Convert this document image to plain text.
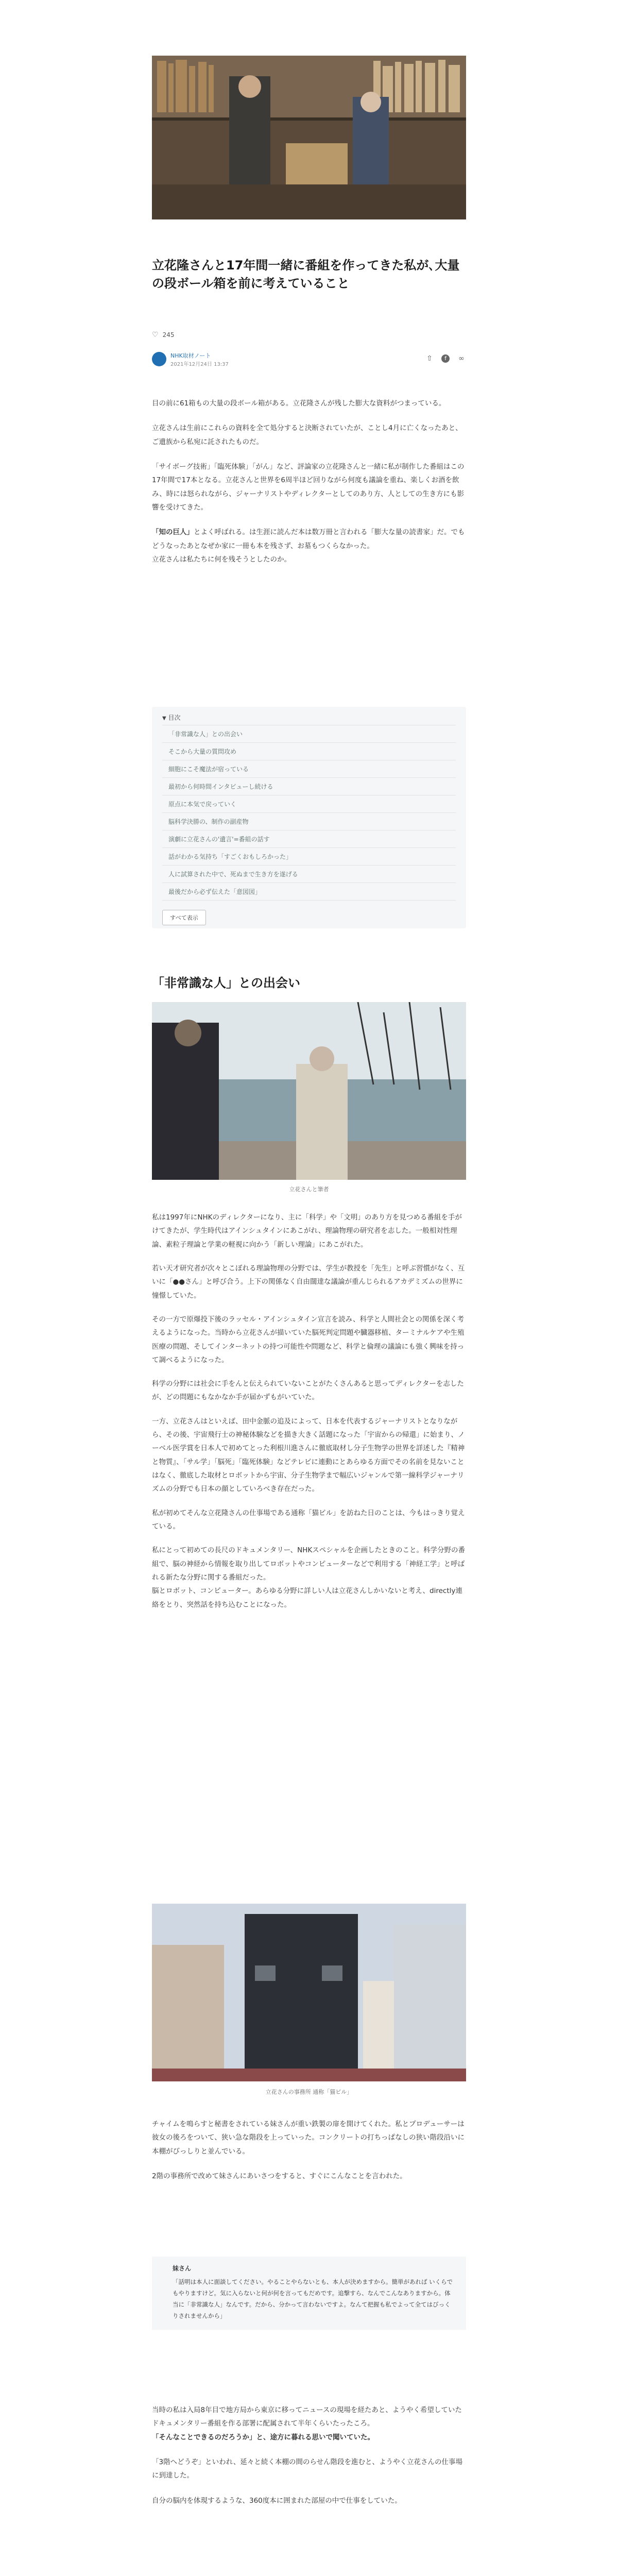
立花隆さんと17年間一緒に番組を作ってきた私が､大量の段ボール箱を前に考えていること
♡ 245
NHK取材ノート
2021年12月24日 13:37
⇧	f	∞

目の前に61箱もの大量の段ボール箱がある。立花隆さんが残した膨大な資料がつまっている。

立花さんは生前にこれらの資料を全て処分すると決断されていたが、ことし4月に亡くなったあと、ご遺族から私宛に託されたものだ。

「サイボーグ技術」「臨死体験」「がん」など、評論家の立花隆さんと一緒に私が制作した番組はこの17年間で17本となる。立花さんと世界を6周半ほど回りながら何度も議論を重ね、楽しくお酒を飲み、時には怒られながら、ジャーナリストやディレクターとしてのあり方、人としての生き方にも影響を受けてきた。

「知の巨人」とよく呼ばれる。は生涯に読んだ本は数万冊と言われる「膨大な量の読書家」だ。でもどうなったあとなぜか家に一冊も本を残さず、お墓もつくらなかった。

立花さんは私たちに何を残そうとしたのか。

▼ 目次
「非常識な人」との出会い
そこから大量の質問攻め
細胞にこそ魔法が宿っている
最初から何時間インタビューし続ける
原点に本気で戻っていく
脳科学決勝の、制作の副産物
演劇に立花さんの'遺言'=番組の話す
話がわかる気持ち「すごくおもしろかった」
人に試算された中で、死ぬまで生き方を遂げる
最後だから必ず伝えた「意図図」
すべて表示
「非常識な人」との出会い
立花さんと筆者

私は1997年にNHKのディレクターになり、主に「科学」や「文明」のあり方を見つめる番組を手がけてきたが、学生時代はアインシュタインにあこがれ、理論物理の研究者を志した。一般相対性理論、素粒子理論と学業の軽視に向かう「新しい理論」にあこがれた。

若い天才研究者が次々とこぼれる理論物理の分野では、学生が教授を「先生」と呼ぶ習慣がなく、互いに「●●さん」と呼び合う。上下の関係なく自由闊達な議論が重んじられるアカデミズムの世界に憧憬していた。

その一方で原爆投下後のラッセル・アインシュタイン宣言を読み、科学と人間社会との関係を深く考えるようになった。当時から立花さんが描いていた脳死判定問題や臓器移植、ターミナルケアや生殖医療の問題、そしてインターネットの持つ可能性や問題など、科学と倫理の議論にも強く興味を持って調べるようになった。

科学の分野には社会に手をんと伝えられていないことがたくさんあると思ってディレクターを志したが、どの問題にもなかなか手が届かずもがいていた。

一方、立花さんはといえば、田中金脈の追及によって、日本を代表するジャーナリストとなりながら、その後、宇宙飛行士の神秘体験などを描き大きく話題になった「宇宙からの帰還」に始まり、ノーベル医学賞を日本人で初めてとった利根川進さんに徹底取材し分子生物学の世界を詳述した『精神と物質』、「サル学」「脳死」「臨死体験」などテレビに連動にとあらゆる方面でその名前を見ないことはなく、徹底した取材とロボットから宇宙、分子生物学まで幅広いジャンルで第一線科学ジャーナリズムの分野でも日本の顔としていろべき存在だった。

私が初めてそんな立花隆さんの仕事場である通称「猫ビル」を訪ねた日のことは、今もはっきり覚えている。

私にとって初めての長尺のドキュメンタリー、NHKスペシャルを企画したときのこと。科学分野の番組で、脳の神経から情報を取り出してロボットやコンピューターなどで利用する「神経工学」と呼ばれる新たな分野に関する番組だった。

脳とロボット、コンピューター。あらゆる分野に詳しい人は立花さんしかいないと考え、directly連絡をとり、突然話を持ち込むことになった。

立花さんの事務所 通称「猫ビル」

チャイムを鳴らすと秘書をされている妹さんが重い鉄製の扉を開けてくれた。私とプロデューサーは彼女の後ろをついて、狭い急な階段を上っていった。コンクリートの打ちっぱなしの狭い階段沿いに本棚がびっしりと並んでいる。

2階の事務所で改めて妹さんにあいさつをすると、すぐにこんなことを言われた。

妹さん

「話明は本人に面談してください。やることやらないとも、本人が決めますから。簡単があれば いくらでもやりますけど。気に入らないと何が何を言ってもだめです。追撃すら、なんでこんなありますから。体当に「非常識な人」なんです。だから、分かって言わないですよ。なんて把握も私でよって全てはびっくりされませんから」

当時の私は入局8年目で地方局から東京に移ってニュースの現場を経たあと、ようやく希望していたドキュメンタリー番組を作る部署に配属されて半年くらいたったころ。

「そんなことできるのだろうか」と、途方に暮れる思いで聞いていた。

「3階へどうぞ」といわれ、延々と続く本棚の間のらせん階段を進むと、ようやく立花さんの仕事場に到達した。

自分の脳内を体現するような、360度本に囲まれた部屋の中で仕事をしていた。
